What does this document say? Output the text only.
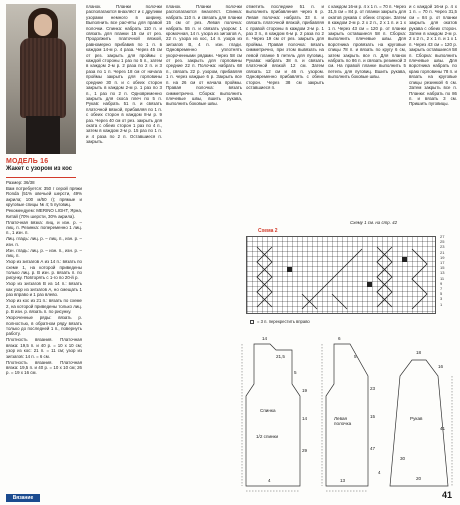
МОДЕЛЬ 16
Жакет с узором из кос

Размер: 36/38

Вам потребуется: 350 г серой пряжи Ronda (51% овечьей шерсти, 49% акрила; 100 м/50 г); прямые и круговые спицы № 4; 5 пуговиц.

Рекомендуем: MERINO LIGHT, Ярна, Китай (70% шерсти, 30% акрила).

Платочная вязка: лиц. и изн. р. – лиц. п. Резинка: попеременно 1 лиц. п., 1 изн. п.

Лиц. гладь: лиц. р. – лиц. п., изн. р. – изн. п.

Изн. гладь: лиц. р. – изн. п., изн. р. – лиц. п.

Узор из зигзагов А из 14 п.: вязать по схеме 1, на которой приведены только лиц. р. В изн. р. вязать п. по рисунку. Повторять с 1-го по 20-й р.

Узор из зигзагов В из 14 п.: вязать как узор из зигзагов А, но смещать 1 раз вправо и 1 раз влево.

Узор из кос из 21 п.: вязать по схеме 2, на которой приведены только лиц. р. В изн. р. вязать п. по рисунку.

Укороченные ряды: вязать р. полностью, в обратном ряду вязать только до последней 1 п., повернуть работу.

Плотность вязания. Платочная вязка: 19,5 п. и 40 р. = 10 х 10 см; узор из кос: 21 п. = 11 см; узор из зигзагов: 14 п. = 6 см.

Плотность вязания. Платочная вязка: 19,5 п. и 40 р. = 10 х 10 см; 26 р. = 19 х 16 см.

планок. Планки полочки располагаются внахлёст и с другими узорами немного в ширину. Выполнить все расчёты для правой полочки. Спинка: набрать 110 п. и связать для планки 15 см от рез. Продолжить платочной вязкой, равномерно прибавив по 1 п. в каждом 14-м р. 4 раза. Через 45 см от рез. закрыть для проймы с каждой стороны 1 раз по 5 п., затем в каждом 2-м р. 2 раза по 2 п. и 3 раза по 1 п. Через 18 см от начала проймы закрыть для горловины средние 30 п. и с обеих сторон закрыть в каждом 2-м р. 1 раз по 3 п., 1 раз по 2 п. Одновременно закрыть для скоса плеч по 5 п. Рукав: набрать 51 п. и связать платочной вязкой, прибавляя по 1 п. с обеих сторон в каждом 8-м р. 9 раз. Через 40 см от рез. закрыть для оката с обеих сторон 1 раз по 4 п., затем в каждом 2-м р. 15 раз по 1 п. и 4 раза по 2 п. Оставшиеся п. закрыть.
планок. Планки полочки располагаются внахлёст. Спинка: набрать 110 п. и связать для планки 15 см от рез. Левая полочка: набрать 55 п. и связать узором: 1 кромочная, 14 п. узора из зигзагов А, 22 п. узора из кос, 14 п. узора из зигзагов В, 4 п. изн. глади. Одновременно уплотнять укороченными рядами. Через 58 см от рез. закрыть для горловины средние 22 п. Полочка: набрать 68 п., связать 22 р. узором, прибавляя 1 п. через каждые 6 р. Закрыть все п. на 26 см от начала проймы. Правая полочка: вязать симметрично. Сборка: выполнить плечевые швы, вшить рукава, выполнить боковые швы.
отметить последние 51 п. и выполнить прибавления через 6 р. Левая полочка: набрать 33 п. и связать платочной вязкой, прибавляя с правой стороны в каждом 2-м р. 1 раз 3 п., в каждом 6-м р. 2 раза по 2 п. Через 19 см от рез. закрыть для проймы. Правая полочка: вязать симметрично, при этом вывязать на левой планке 5 петель для пуговиц. Рукава: набрать 38 п. и связать платочной вязкой 12 см. Затем связать 12 см и 46 п. узором. Одновременно прибавлять с обеих сторон. Через 38 см закрыть оставшиеся п.
с каждом 16-м р. 4 х 1 п. = 70 п. Через 31,5 см = 84 р. от планки закрыть для окатов рукава с обеих сторон. Затем в каждом 2-м р. 2 х 2 п., 2 х 1 п. и 1 х 1 п. Через 43 см = 120 р. от планки закрыть оставшиеся 58 п. Сборка: выполнить плечевые швы. Для воротника провязать на круговые спицы 78 п. и вязать по кругу 6 см, затем закрыть все п. Для планок набрать по 86 п. и связать резинкой 3 см. На правой планке выполнить 5 петель для пуговиц. Вшить рукава, выполнить боковые швы.
и с каждой 16-м р. 4 х 1 п. = 70 п. Через 31,5 см = 84 р. от планки закрыть для окатов рукава с обеих сторон. Затем в каждом 2-м р. 2 х 2 п., 2 х 1 п. и 1 х 1 п. Через 43 см = 120 р. закрыть оставшиеся 58 п. Сборка: выполнить плечевые швы. Для воротника набрать по краю горловины 78 п. и вязать на круговые спицы резинкой 6 см. Затем закрыть все п. Планки: набрать по 86 п. и вязать 3 см. Пришить пуговицы.
Схему 1 см. на стр. 42
Схема 2
27
25
23
21
19
17
15
13
11
9
7
5
3
1
= 3 п. перекрестить вправо
14
21,5
5
19
14
1/2 спинки
29
6
5
23
15
47
4
18
16
41
30
20
4	13
Спинка
Левая полочка
Рукав
Вязание	41
